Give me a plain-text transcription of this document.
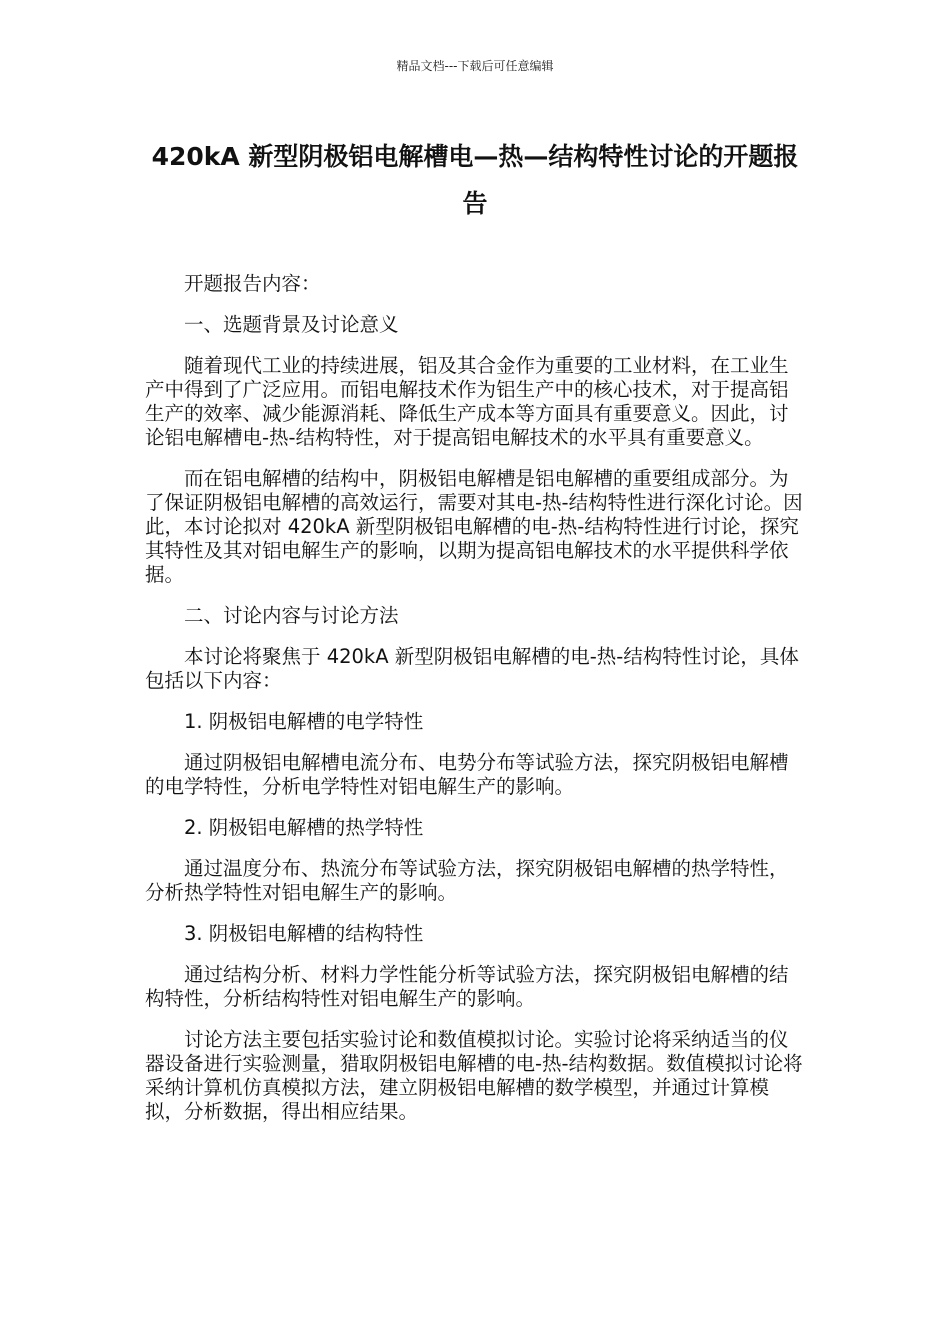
精品文档---下载后可任意编辑
420kA 新型阴极铝电解槽电—热—结构特性讨论的开题报告

开题报告内容：

一、选题背景及讨论意义

随着现代工业的持续进展，铝及其合金作为重要的工业材料，在工业生产中得到了广泛应用。而铝电解技术作为铝生产中的核心技术，对于提高铝生产的效率、减少能源消耗、降低生产成本等方面具有重要意义。因此，讨论铝电解槽电-热-结构特性，对于提高铝电解技术的水平具有重要意义。

而在铝电解槽的结构中，阴极铝电解槽是铝电解槽的重要组成部分。为了保证阴极铝电解槽的高效运行，需要对其电-热-结构特性进行深化讨论。因此，本讨论拟对 420kA 新型阴极铝电解槽的电-热-结构特性进行讨论，探究其特性及其对铝电解生产的影响，以期为提高铝电解技术的水平提供科学依据。

二、讨论内容与讨论方法

本讨论将聚焦于 420kA 新型阴极铝电解槽的电-热-结构特性讨论，具体包括以下内容：

1. 阴极铝电解槽的电学特性

通过阴极铝电解槽电流分布、电势分布等试验方法，探究阴极铝电解槽的电学特性，分析电学特性对铝电解生产的影响。

2. 阴极铝电解槽的热学特性

通过温度分布、热流分布等试验方法，探究阴极铝电解槽的热学特性，分析热学特性对铝电解生产的影响。

3. 阴极铝电解槽的结构特性

通过结构分析、材料力学性能分析等试验方法，探究阴极铝电解槽的结构特性，分析结构特性对铝电解生产的影响。

讨论方法主要包括实验讨论和数值模拟讨论。实验讨论将采纳适当的仪器设备进行实验测量，猎取阴极铝电解槽的电-热-结构数据。数值模拟讨论将采纳计算机仿真模拟方法，建立阴极铝电解槽的数学模型，并通过计算模拟，分析数据，得出相应结果。
